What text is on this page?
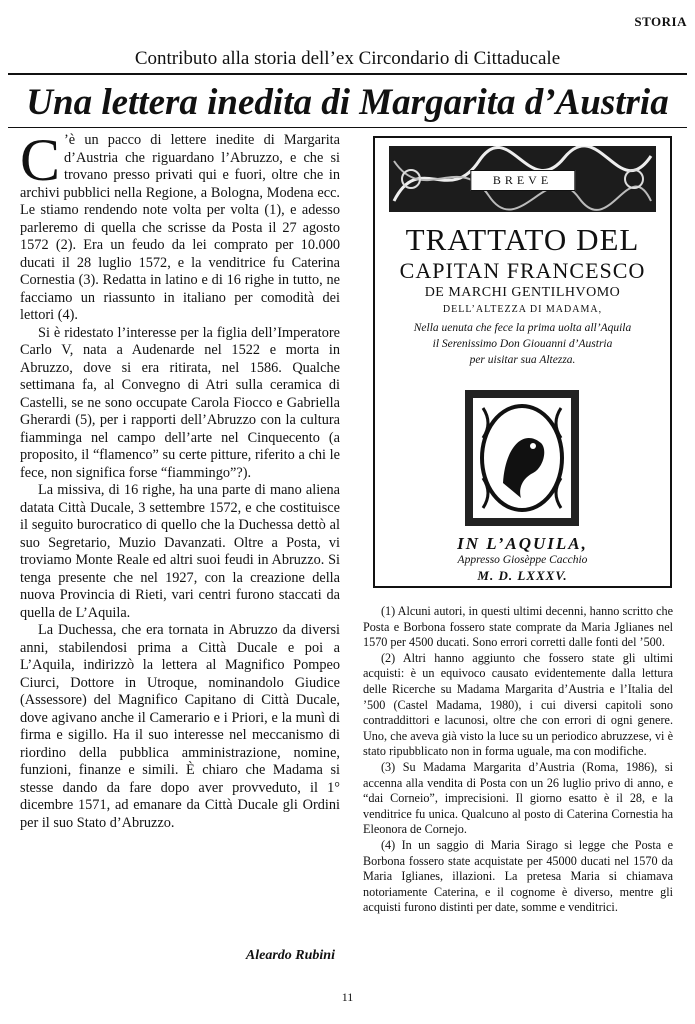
STORIA
Contributo alla storia dell’ex Circondario di Cittaducale
Una lettera inedita di Margarita d’Austria

C ’è un pacco di lettere inedite di Margarita d’Austria che riguardano l’Abruzzo, e che si trovano presso privati qui e fuori, oltre che in archivi pubblici nella Regione, a Bologna, Modena ecc. Le stiamo rendendo note volta per volta (1), e adesso parleremo di quella che scrisse da Posta il 27 agosto 1572 (2). Era un feudo da lei comprato per 10.000 ducati il 28 luglio 1572, e la venditrice fu Caterina Cornestia (3). Redatta in latino e di 16 righe in tutto, ne facciamo un riassunto in italiano per comodità dei lettori (4).

Si è ridestato l’interesse per la figlia dell’Imperatore Carlo V, nata a Audenarde nel 1522 e morta in Abruzzo, dove si era ritirata, nel 1586. Qualche settimana fa, al Convegno di Atri sulla ceramica di Castelli, se ne sono occupate Carola Fiocco e Gabriella Gherardi (5), per i rapporti dell’Abruzzo con la cultura fiamminga nel campo dell’arte nel Cinquecento (a proposito, il “flamenco” su certe pitture, riferito a chi le fece, non significa forse “fiammingo”?).

La missiva, di 16 righe, ha una parte di mano aliena datata Città Ducale, 3 settembre 1572, e che costituisce il seguito burocratico di quello che la Duchessa dettò al suo Segretario, Muzio Davanzati. Oltre a Posta, vi troviamo Monte Reale ed altri suoi feudi in Abruzzo. Si tenga presente che nel 1927, con la creazione della nuova Provincia di Rieti, vari centri furono staccati da quella de L’Aquila.

La Duchessa, che era tornata in Abruzzo da diversi anni, stabilendosi prima a Città Ducale e poi a L’Aquila, indirizzò la lettera al Magnifico Pompeo Ciurci, Dottore in Utroque, nominandolo Giudice (Assessore) del Magnifico Capitano di Città Ducale, dove agivano anche il Camerario e i Priori, e la munì di firma e sigillo. Ha il suo interesse nel meccanismo di riordino della pubblica amministrazione, nomine, funzioni, finanze e simili. È chiaro che Madama si stesse dando da fare dopo aver provveduto, il 1° dicembre 1571, ad emanare da Città Ducale gli Ordini per il suo Stato d’Abruzzo.

Aleardo Rubini
BREVE
TRATTATO DEL
CAPITAN FRANCESCO
DE MARCHI GENTILHVOMO
DELL’ALTEZZA DI MADAMA,
Nella uenuta che fece la prima uolta all’Aquila
il Serenissimo Don Giouanni d’Austria
per uisitar sua Altezza.
IN L’AQUILA,
Appresso Giosèppe Cacchio
M. D. LXXXV.

(1) Alcuni autori, in questi ultimi decenni, hanno scritto che Posta e Borbona fossero state comprate da Maria Jglianes nel 1570 per 4500 ducati. Sono errori corretti dalle fonti del ’500.

(2) Altri hanno aggiunto che fossero state gli ultimi acquisti: è un equivoco causato evidentemente dalla lettura delle Ricerche su Madama Margarita d’Austria e l’Italia del ’500 (Castel Madama, 1980), i cui diversi capitoli sono contraddittori e lacunosi, oltre che con errori di ogni genere. Uno, che aveva già visto la luce su un periodico abruzzese, vi è stato ripubblicato non in forma uguale, ma con modifiche.

(3) Su Madama Margarita d’Austria (Roma, 1986), si accenna alla vendita di Posta con un 26 luglio privo di anno, e “dai Corneio”, imprecisioni. Il giorno esatto è il 28, e la venditrice fu unica. Qualcuno al posto di Caterina Cornestia ha Eleonora de Cornejo.

(4) In un saggio di Maria Sirago si legge che Posta e Borbona fossero state acquistate per 45000 ducati nel 1570 da Maria Iglianes, illazioni. La pretesa Maria si chiamava notoriamente Caterina, e il cognome è diverso, mentre gli acquisti furono distinti per date, somme e venditrici.

11
